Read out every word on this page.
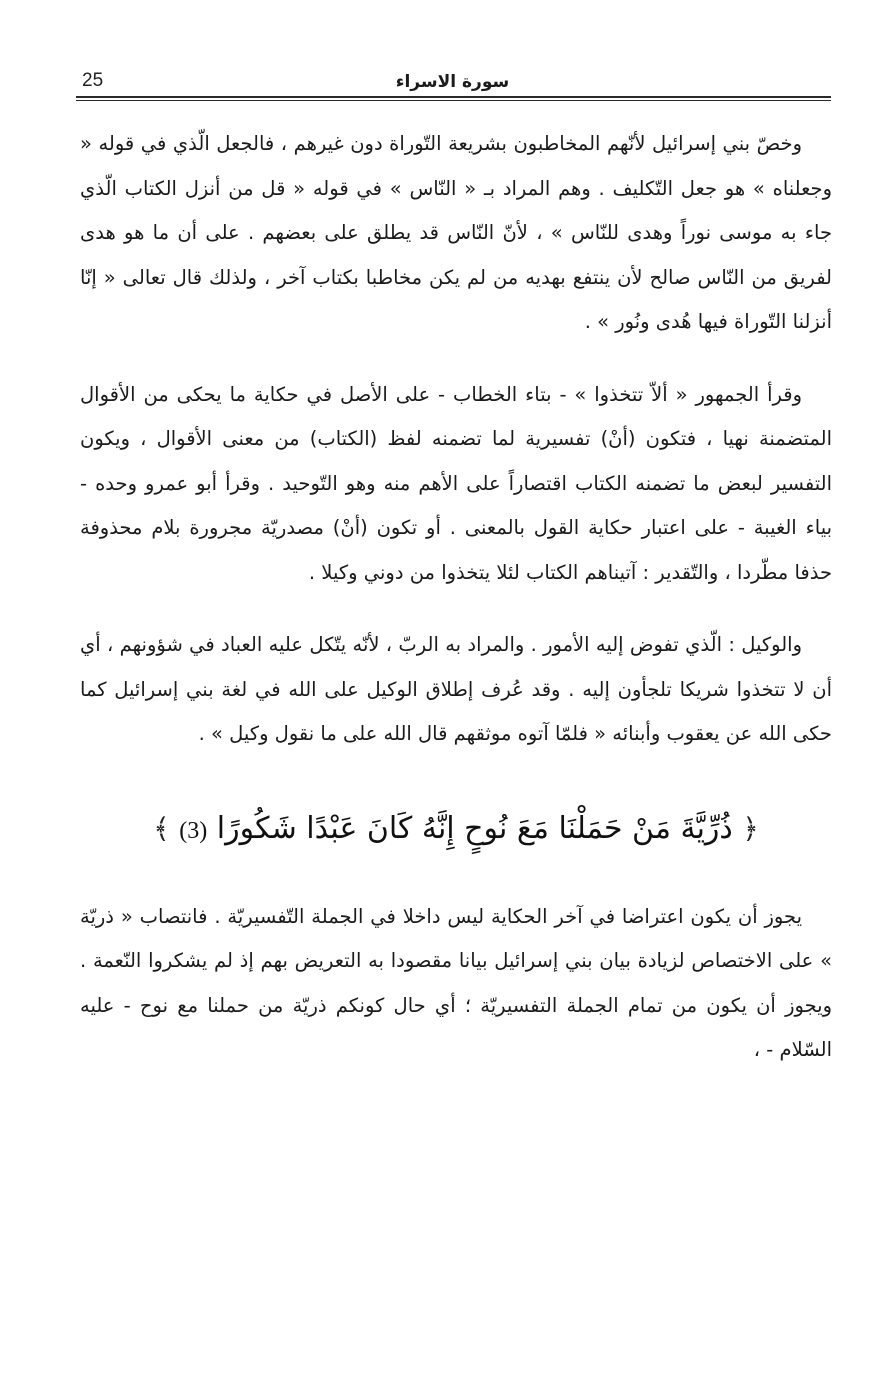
25	سورة الاسراء

وخصّ بني إسرائيل لأنّهم المخاطبون بشريعة التّوراة دون غيرهم ، فالجعل الّذي في قوله « وجعلناه » هو جعل التّكليف . وهم المراد بـ « النّاس » في قوله « قل من أنزل الكتاب الّذي جاء به موسى نوراً وهدى للنّاس » ، لأنّ النّاس قد يطلق على بعضهم . على أن ما هو هدى لفريق من النّاس صالح لأن ينتفع بهديه من لم يكن مخاطبا بكتاب آخر ، ولذلك قال تعالى « إنّا أنزلنا التّوراة فيها هُدى ونُور » .

وقرأ الجمهور « ألاّ تتخذوا » - بتاء الخطاب - على الأصل في حكاية ما يحكى من الأقوال المتضمنة نهيا ، فتكون (أنْ) تفسيرية لما تضمنه لفظ (الكتاب) من معنى الأقوال ، ويكون التفسير لبعض ما تضمنه الكتاب اقتصاراً على الأهم منه وهو التّوحيد . وقرأ أبو عمرو وحده - بياء الغيبة - على اعتبار حكاية القول بالمعنى . أو تكون (أنْ) مصدريّة مجرورة بلام محذوفة حذفا مطّردا ، والتّقدير : آتيناهم الكتاب لئلا يتخذوا من دوني وكيلا .

والوكيل : الّذي تفوض إليه الأمور . والمراد به الربّ ، لأنّه يتّكل عليه العباد في شؤونهم ، أي أن لا تتخذوا شريكا تلجأون إليه . وقد عُرف إطلاق الوكيل على الله في لغة بني إسرائيل كما حكى الله عن يعقوب وأبنائه « فلمّا آتوه موثقهم قال الله على ما نقول وكيل » .

﴿ ذُرِّيَّةَ مَنْ حَمَلْنَا مَعَ نُوحٍ إِنَّهُ كَانَ عَبْدًا شَكُورًا (3) ﴾

يجوز أن يكون اعتراضا في آخر الحكاية ليس داخلا في الجملة التّفسيريّة . فانتصاب « ذريّة » على الاختصاص لزيادة بيان بني إسرائيل بيانا مقصودا به التعريض بهم إذ لم يشكروا النّعمة . ويجوز أن يكون من تمام الجملة التفسيريّة ؛ أي حال كونكم ذريّة من حملنا مع نوح - عليه السّلام - ،
